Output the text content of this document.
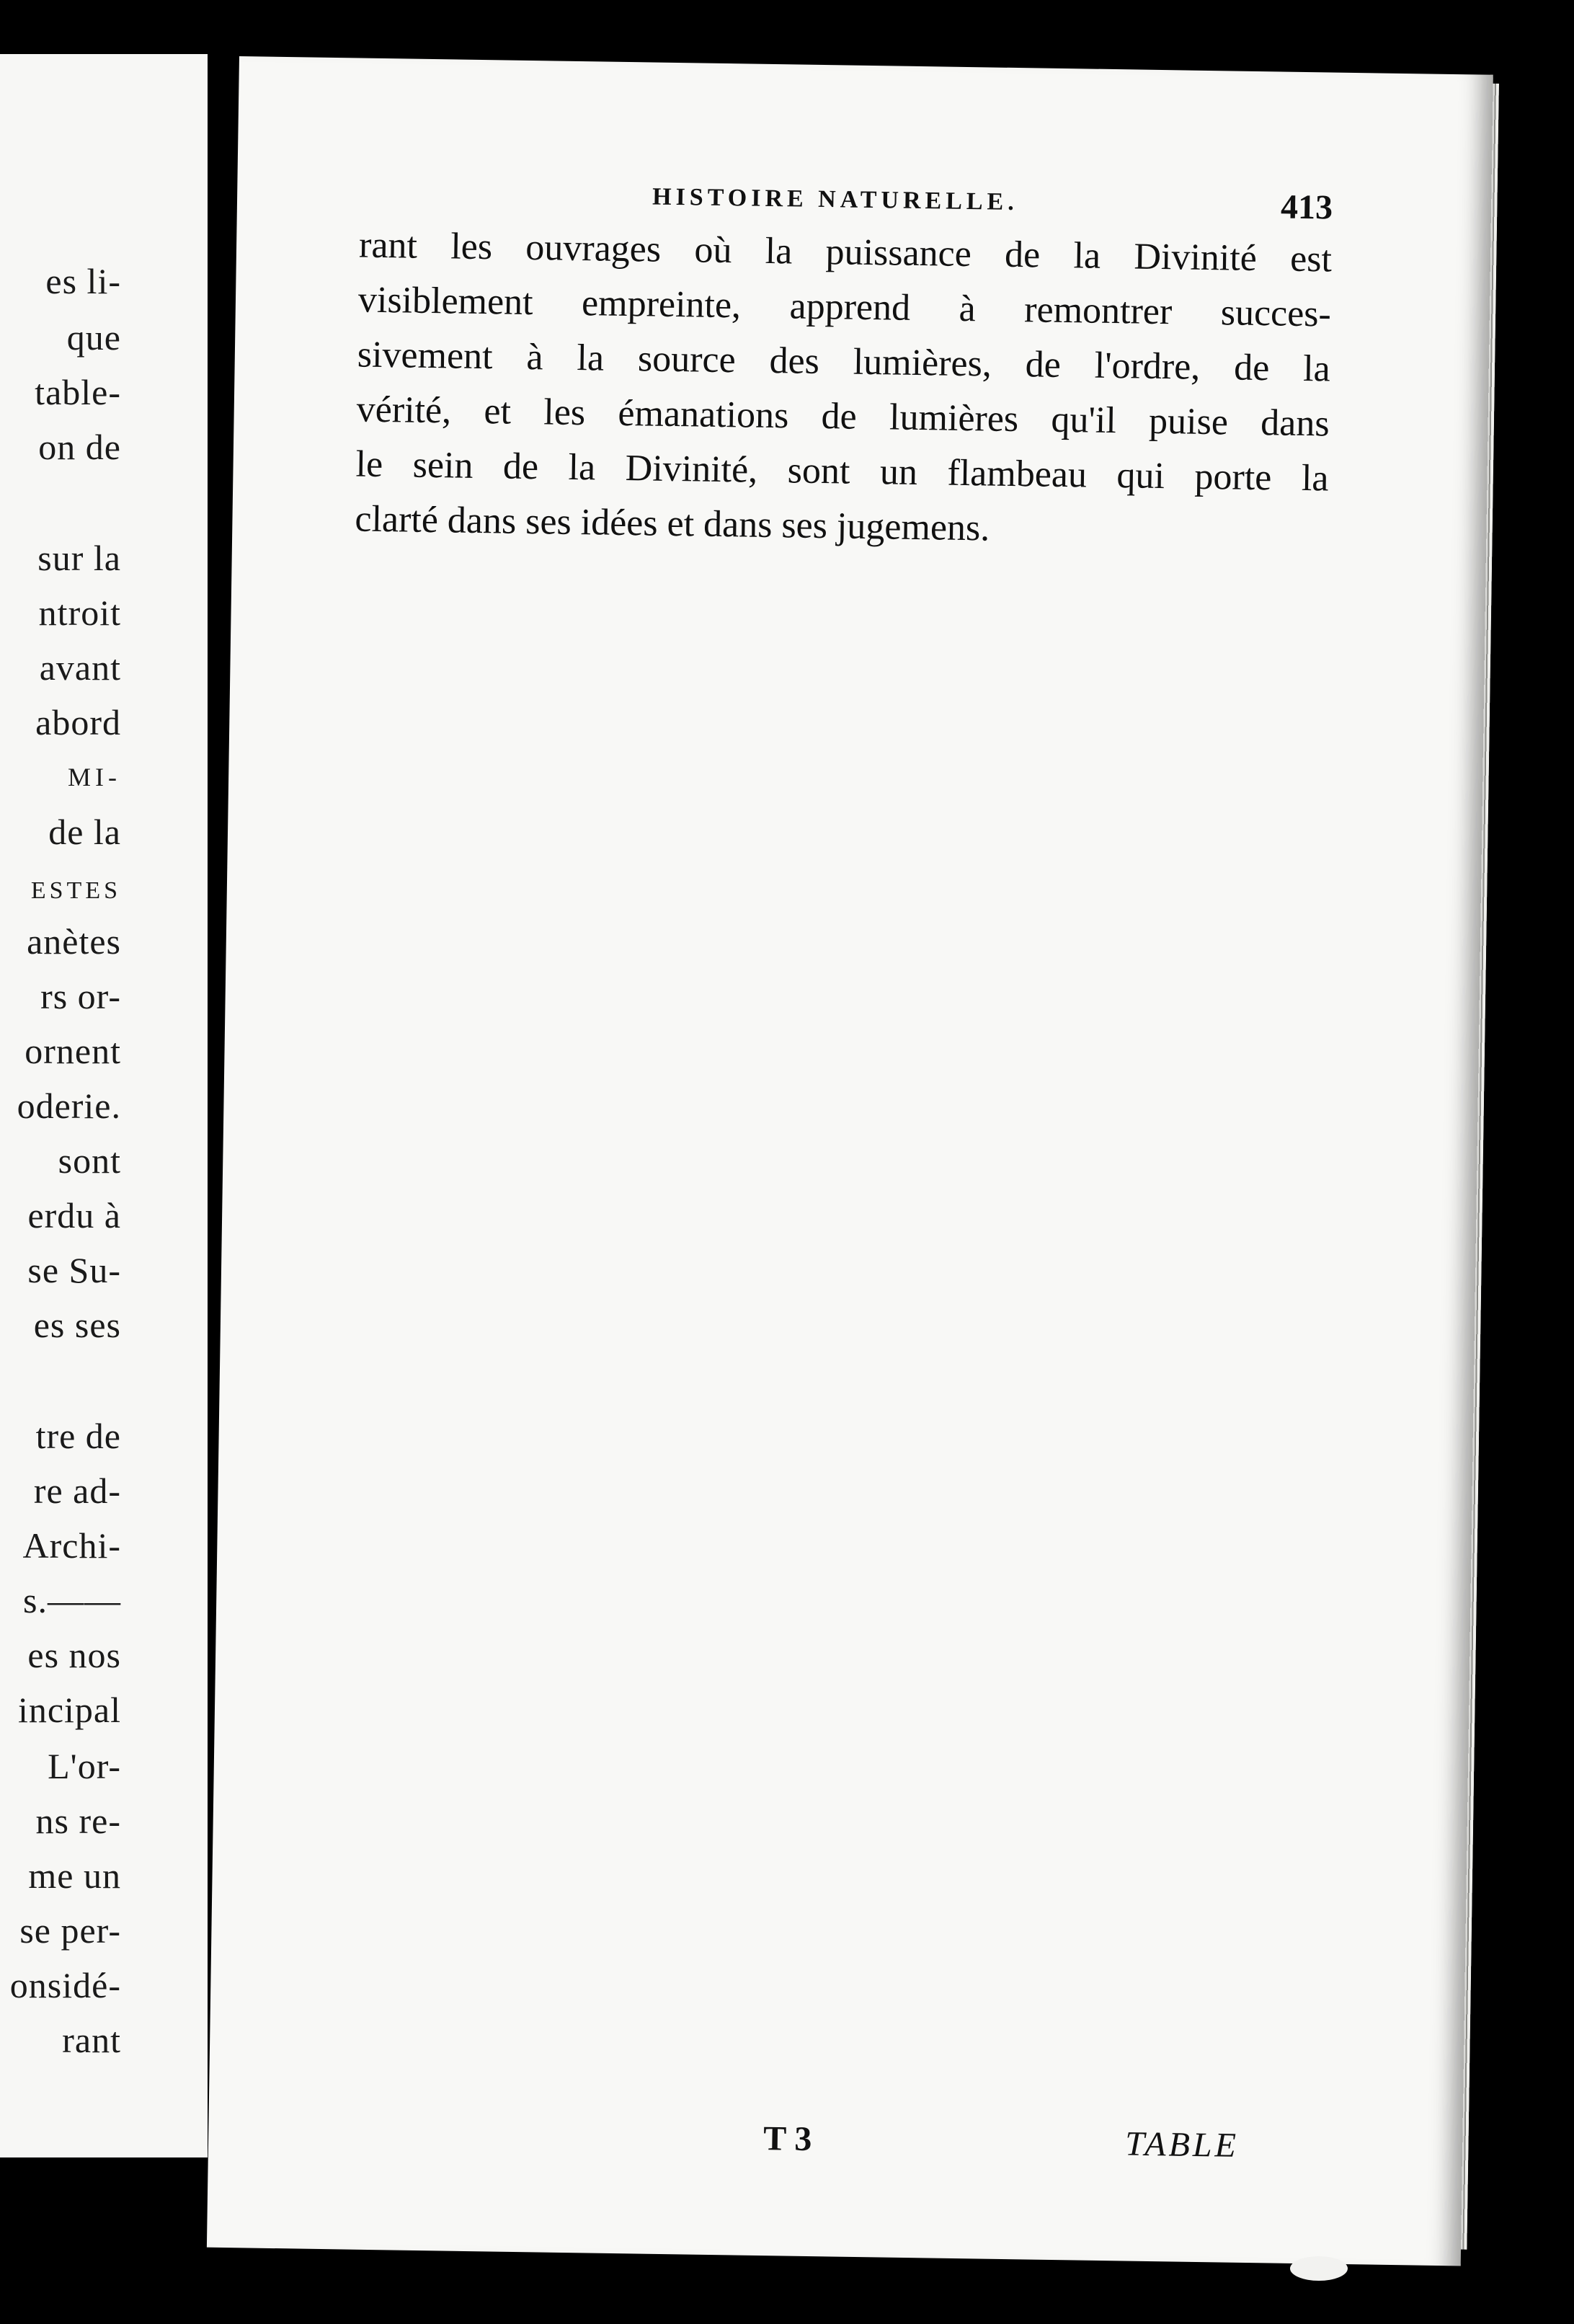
es li-
que
table-
on de
sur la
ntroit
avant
abord
MI-
de la
ESTES
anètes
rs or-
ornent
oderie.
sont
erdu à
se Su-
es ses
tre de
re ad-
Archi-
s.——
es nos
incipal
L'or-
ns re-
me un
se per-
onsidé-
rant
HISTOIRE NATURELLE.	413
rant les ouvrages où la puissance de la Divinité est
visiblement empreinte, apprend à remontrer succes-
sivement à la source des lumières, de l'ordre, de la
vérité, et les émanations de lumières qu'il puise dans
le sein de la Divinité, sont un flambeau qui porte la
clarté dans ses idées et dans ses jugemens.
T 3	TABLE
